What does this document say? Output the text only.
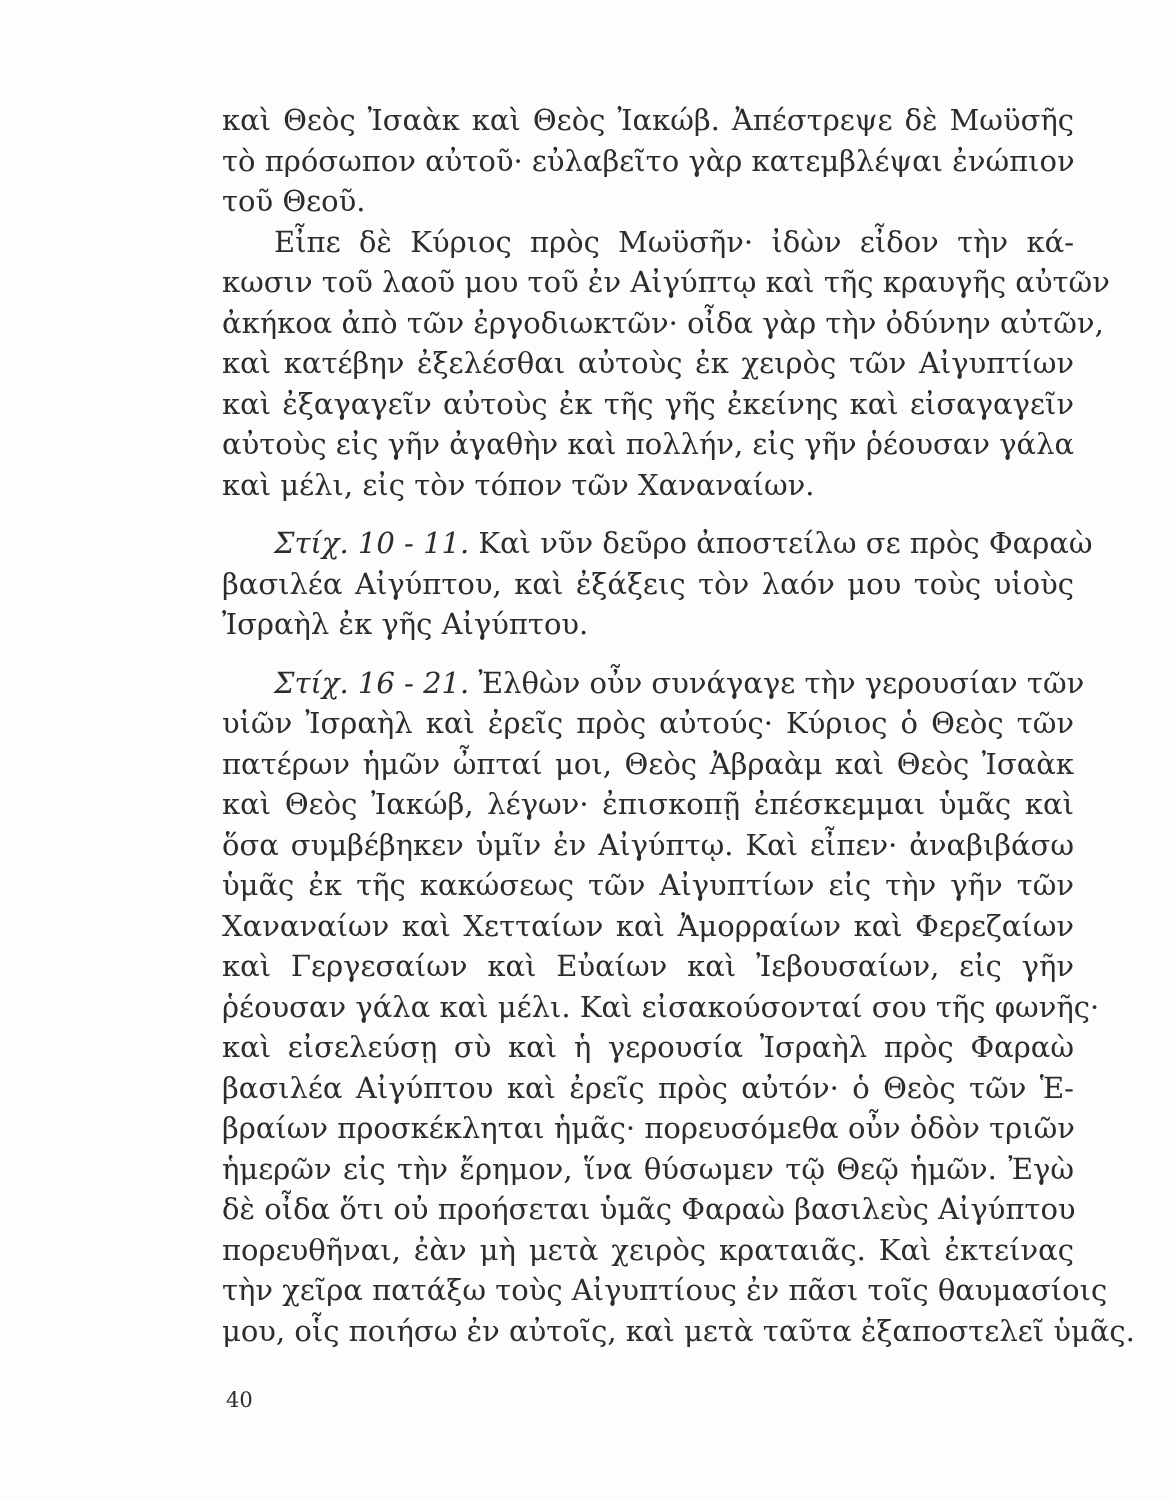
καὶ Θεὸς Ἰσαὰκ καὶ Θεὸς Ἰακώβ. Ἀπέστρεψε δὲ Μωϋσῆς
τὸ πρόσωπον αὐτοῦ· εὐλαβεῖτο γὰρ κατεμβλέψαι ἐνώπιον
τοῦ Θεοῦ.
Εἶπε δὲ Κύριος πρὸς Μωϋσῆν· ἰδὼν εἶδον τὴν κά-
κωσιν τοῦ λαοῦ μου τοῦ ἐν Αἰγύπτῳ καὶ τῆς κραυγῆς αὐτῶν
ἀκήκοα ἀπὸ τῶν ἐργοδιωκτῶν· οἶδα γὰρ τὴν ὀδύνην αὐτῶν,
καὶ κατέβην ἐξελέσθαι αὐτοὺς ἐκ χειρὸς τῶν Αἰγυπτίων
καὶ ἐξαγαγεῖν αὐτοὺς ἐκ τῆς γῆς ἐκείνης καὶ εἰσαγαγεῖν
αὐτοὺς εἰς γῆν ἀγαθὴν καὶ πολλήν, εἰς γῆν ῥέουσαν γάλα
καὶ μέλι, εἰς τὸν τόπον τῶν Χαναναίων.
Στίχ. 10 - 11. Καὶ νῦν δεῦρο ἀποστείλω σε πρὸς Φαραὼ
βασιλέα Αἰγύπτου, καὶ ἐξάξεις τὸν λαόν μου τοὺς υἱοὺς
Ἰσραὴλ ἐκ γῆς Αἰγύπτου.
Στίχ. 16 - 21. Ἐλθὼν οὖν συνάγαγε τὴν γερουσίαν τῶν
υἱῶν Ἰσραὴλ καὶ ἐρεῖς πρὸς αὐτούς· Κύριος ὁ Θεὸς τῶν
πατέρων ἡμῶν ὦπταί μοι, Θεὸς Ἀβραὰμ καὶ Θεὸς Ἰσαὰκ
καὶ Θεὸς Ἰακώβ, λέγων· ἐπισκοπῇ ἐπέσκεμμαι ὑμᾶς καὶ
ὅσα συμβέβηκεν ὑμῖν ἐν Αἰγύπτῳ. Καὶ εἶπεν· ἀναβιβάσω
ὑμᾶς ἐκ τῆς κακώσεως τῶν Αἰγυπτίων εἰς τὴν γῆν τῶν
Χαναναίων καὶ Χετταίων καὶ Ἀμορραίων καὶ Φερεζαίων
καὶ Γεργεσαίων καὶ Εὐαίων καὶ Ἰεβουσαίων, εἰς γῆν
ῥέουσαν γάλα καὶ μέλι. Καὶ εἰσακούσονταί σου τῆς φωνῆς·
καὶ εἰσελεύσῃ σὺ καὶ ἡ γερουσία Ἰσραὴλ πρὸς Φαραὼ
βασιλέα Αἰγύπτου καὶ ἐρεῖς πρὸς αὐτόν· ὁ Θεὸς τῶν Ἑ-
βραίων προσκέκληται ἡμᾶς· πορευσόμεθα οὖν ὁδὸν τριῶν
ἡμερῶν εἰς τὴν ἔρημον, ἵνα θύσωμεν τῷ Θεῷ ἡμῶν. Ἐγὼ
δὲ οἶδα ὅτι οὐ προήσεται ὑμᾶς Φαραὼ βασιλεὺς Αἰγύπτου
πορευθῆναι, ἐὰν μὴ μετὰ χειρὸς κραταιᾶς. Καὶ ἐκτείνας
τὴν χεῖρα πατάξω τοὺς Αἰγυπτίους ἐν πᾶσι τοῖς θαυμασίοις
μου, οἷς ποιήσω ἐν αὐτοῖς, καὶ μετὰ ταῦτα ἐξαποστελεῖ ὑμᾶς.
40
